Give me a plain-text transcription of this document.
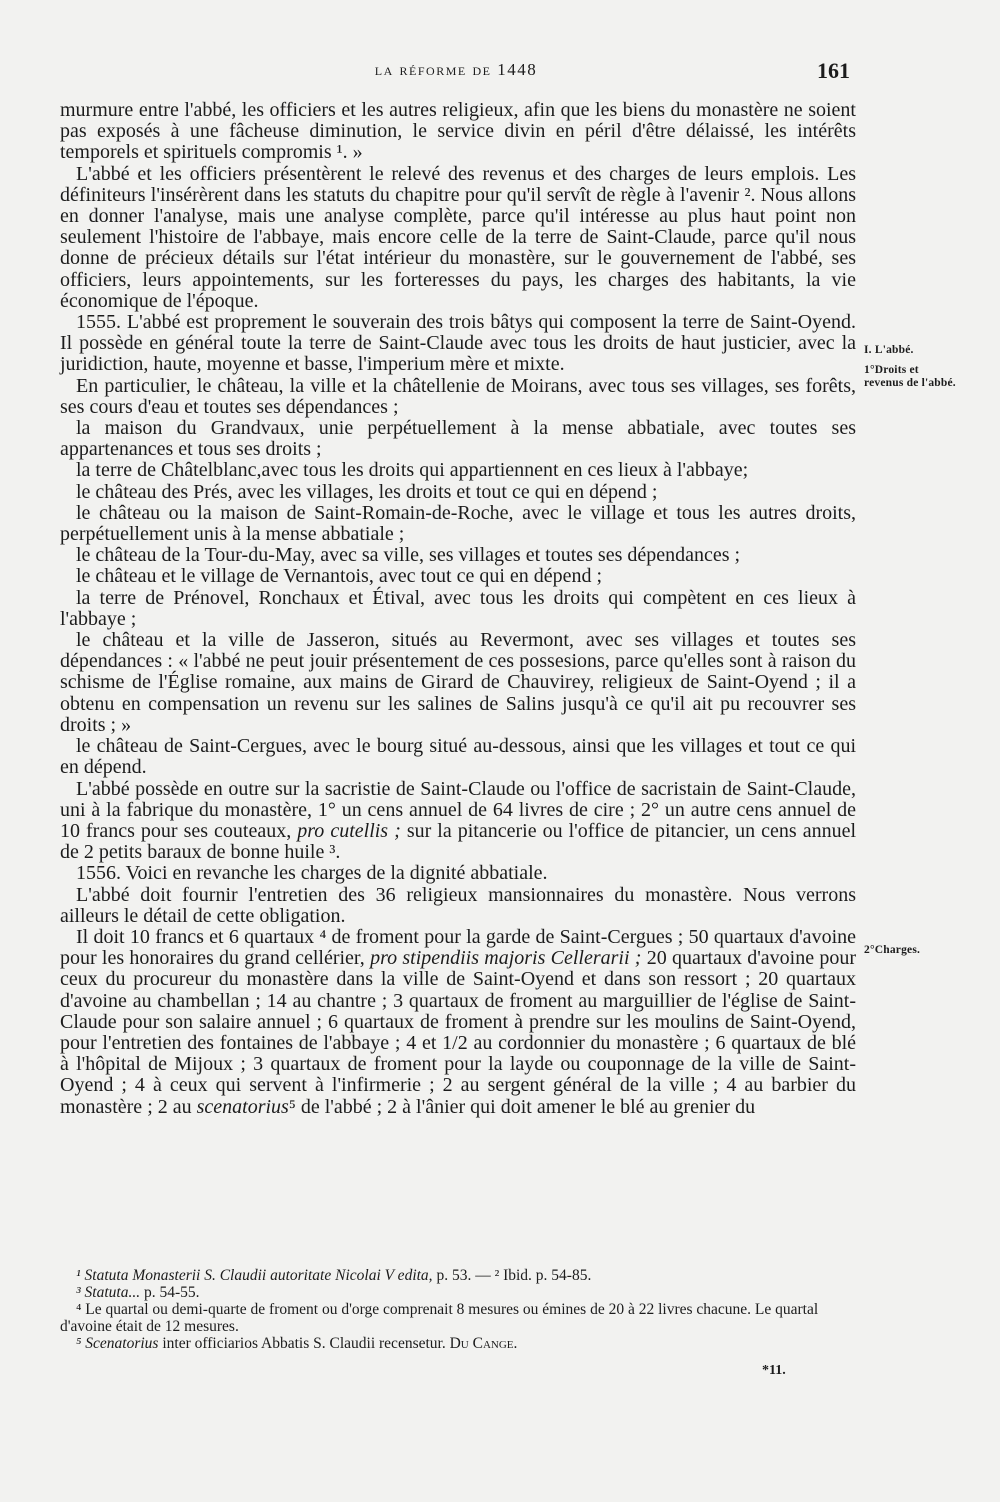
la réforme de 1448	161

murmure entre l'abbé, les officiers et les autres religieux, afin que les biens du monastère ne soient pas exposés à une fâcheuse diminution, le service divin en péril d'être délaissé, les intérêts temporels et spirituels compromis ¹. »

L'abbé et les officiers présentèrent le relevé des revenus et des charges de leurs emplois. Les définiteurs l'insérèrent dans les statuts du chapitre pour qu'il servît de règle à l'avenir ². Nous allons en donner l'analyse, mais une analyse complète, parce qu'il intéresse au plus haut point non seulement l'histoire de l'abbaye, mais encore celle de la terre de Saint-Claude, parce qu'il nous donne de précieux détails sur l'état intérieur du monastère, sur le gouvernement de l'abbé, ses officiers, leurs appointements, sur les forteresses du pays, les charges des habitants, la vie économique de l'époque.

1555. L'abbé est proprement le souverain des trois bâtys qui composent la terre de Saint-Oyend. Il possède en général toute la terre de Saint-Claude avec tous les droits de haut justicier, avec la juridiction, haute, moyenne et basse, l'imperium mère et mixte.

En particulier, le château, la ville et la châtellenie de Moirans, avec tous ses villages, ses forêts, ses cours d'eau et toutes ses dépendances ;

la maison du Grandvaux, unie perpétuellement à la mense abbatiale, avec toutes ses appartenances et tous ses droits ;

la terre de Châtelblanc,avec tous les droits qui appartiennent en ces lieux à l'abbaye;

le château des Prés, avec les villages, les droits et tout ce qui en dépend ;

le château ou la maison de Saint-Romain-de-Roche, avec le village et tous les autres droits, perpétuellement unis à la mense abbatiale ;

le château de la Tour-du-May, avec sa ville, ses villages et toutes ses dépendances ;

le château et le village de Vernantois, avec tout ce qui en dépend ;

la terre de Prénovel, Ronchaux et Étival, avec tous les droits qui compètent en ces lieux à l'abbaye ;

le château et la ville de Jasseron, situés au Revermont, avec ses villages et toutes ses dépendances : « l'abbé ne peut jouir présentement de ces possesions, parce qu'elles sont à raison du schisme de l'Église romaine, aux mains de Girard de Chauvirey, religieux de Saint-Oyend ; il a obtenu en compensation un revenu sur les salines de Salins jusqu'à ce qu'il ait pu recouvrer ses droits ; »

le château de Saint-Cergues, avec le bourg situé au-dessous, ainsi que les villages et tout ce qui en dépend.

L'abbé possède en outre sur la sacristie de Saint-Claude ou l'office de sacristain de Saint-Claude, uni à la fabrique du monastère, 1° un cens annuel de 64 livres de cire ; 2° un autre cens annuel de 10 francs pour ses couteaux, pro cutellis ; sur la pitancerie ou l'office de pitancier, un cens annuel de 2 petits baraux de bonne huile ³.

1556. Voici en revanche les charges de la dignité abbatiale.

L'abbé doit fournir l'entretien des 36 religieux mansionnaires du monastère. Nous verrons ailleurs le détail de cette obligation.

Il doit 10 francs et 6 quartaux ⁴ de froment pour la garde de Saint-Cergues ; 50 quartaux d'avoine pour les honoraires du grand cellérier, pro stipendiis majoris Cellerarii ; 20 quartaux d'avoine pour ceux du procureur du monastère dans la ville de Saint-Oyend et dans son ressort ; 20 quartaux d'avoine au chambellan ; 14 au chantre ; 3 quartaux de froment au marguillier de l'église de Saint-Claude pour son salaire annuel ; 6 quartaux de froment à prendre sur les moulins de Saint-Oyend, pour l'entretien des fontaines de l'abbaye ; 4 et 1/2 au cordonnier du monastère ; 6 quartaux de blé à l'hôpital de Mijoux ; 3 quartaux de froment pour la layde ou couponnage de la ville de Saint-Oyend ; 4 à ceux qui servent à l'infirmerie ; 2 au sergent général de la ville ; 4 au barbier du monastère ; 2 au scenatorius⁵ de l'abbé ; 2 à l'ânier qui doit amener le blé au grenier du

I. L'abbé.
1°Droits et revenus de l'abbé.
2°Charges.

¹ Statuta Monasterii S. Claudii autoritate Nicolai V edita, p. 53. — ² Ibid. p. 54-85.

³ Statuta... p. 54-55.

⁴ Le quartal ou demi-quarte de froment ou d'orge comprenait 8 mesures ou émines de 20 à 22 livres chacune. Le quartal d'avoine était de 12 mesures.

⁵ Scenatorius inter officiarios Abbatis S. Claudii recensetur. Du Cange.

*11.
